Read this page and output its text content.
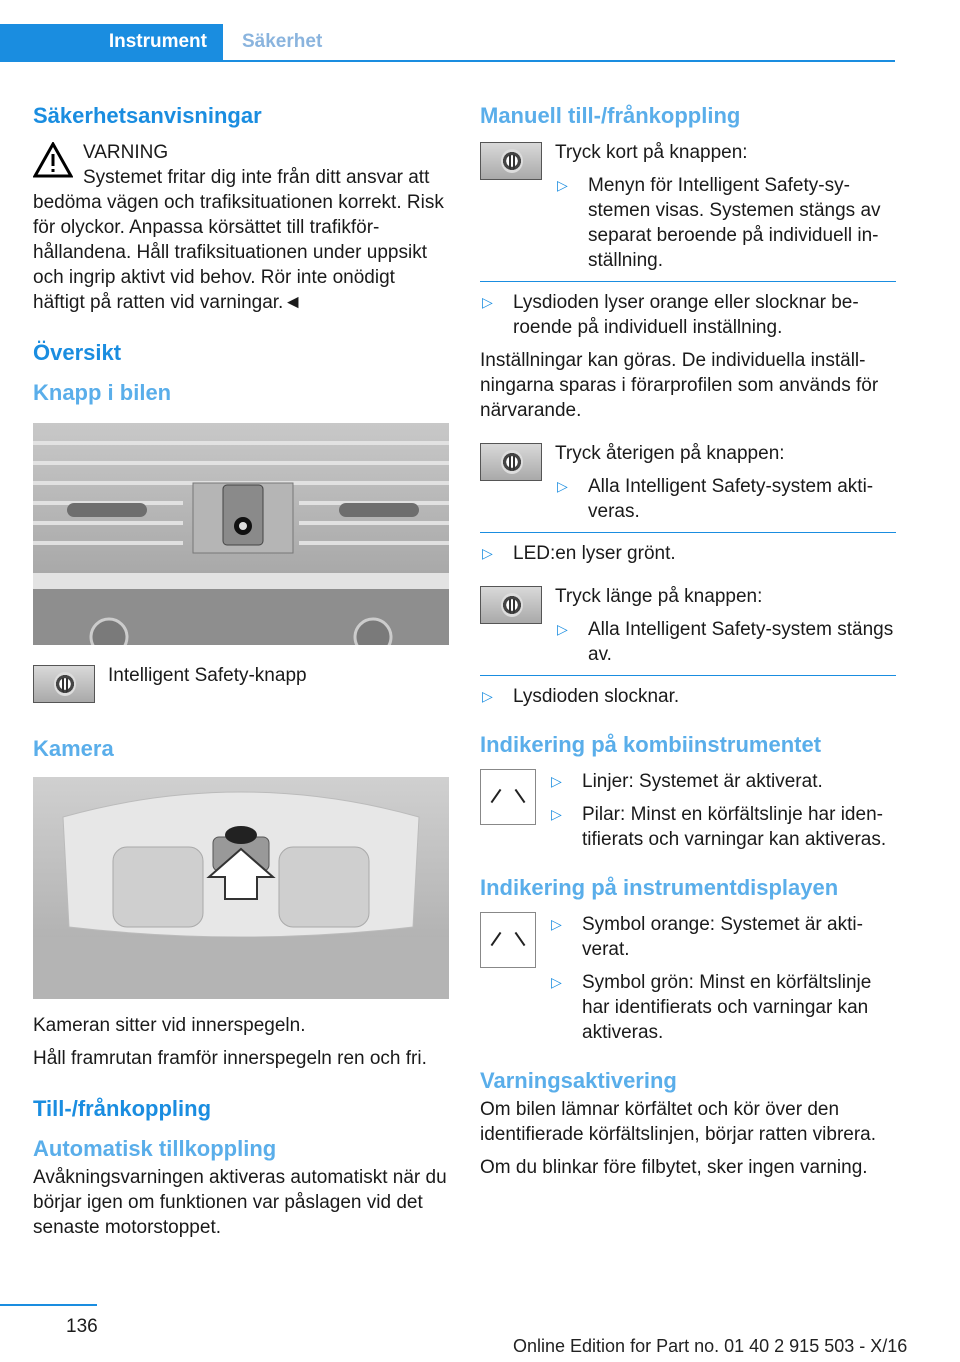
Instrument	Säkerhet
Säkerhetsanvisningar
VARNING

Systemet fritar dig inte från ditt ansvar att bedöma vägen och trafiksituationen korrekt. Risk för olyckor. Anpassa körsättet till trafikförhållandena. Håll trafiksituationen under uppsikt och ingrip aktivt vid behov. Rör inte onödigt häftigt på ratten vid varningar.◄

Översikt
Knapp i bilen
Intelligent Safety-knapp
Kamera

Kameran sitter vid innerspegeln.

Håll framrutan framför innerspegeln ren och fri.

Till-/frånkoppling
Automatisk tillkoppling

Avåkningsvarningen aktiveras automatiskt när du börjar igen om funktionen var påslagen vid det senaste motorstoppet.

Manuell till-/frånkoppling

Tryck kort på knappen:

▷ Menyn för Intelligent Safety-systemen visas. Systemen stängs av separat beroende på individuell inställning.
▷ Lysdioden lyser orange eller slocknar beroende på individuell inställning.

Inställningar kan göras. De individuella inställningarna sparas i förarprofilen som används för närvarande.

Tryck återigen på knappen:

▷ Alla Intelligent Safety-system aktiveras.
▷ LED:en lyser grönt.

Tryck länge på knappen:

▷ Alla Intelligent Safety-system stängs av.
▷ Lysdioden slocknar.
Indikering på kombiinstrumentet
▷ Linjer: Systemet är aktiverat.
▷ Pilar: Minst en körfältslinje har identifierats och varningar kan aktiveras.
Indikering på instrumentdisplayen
▷ Symbol orange: Systemet är aktiverat.
▷ Symbol grön: Minst en körfältslinje har identifierats och varningar kan aktiveras.
Varningsaktivering

Om bilen lämnar körfältet och kör över den identifierade körfältslinjen, börjar ratten vibrera.

Om du blinkar före filbytet, sker ingen varning.

136
Online Edition for Part no. 01 40 2 915 503 - X/16
